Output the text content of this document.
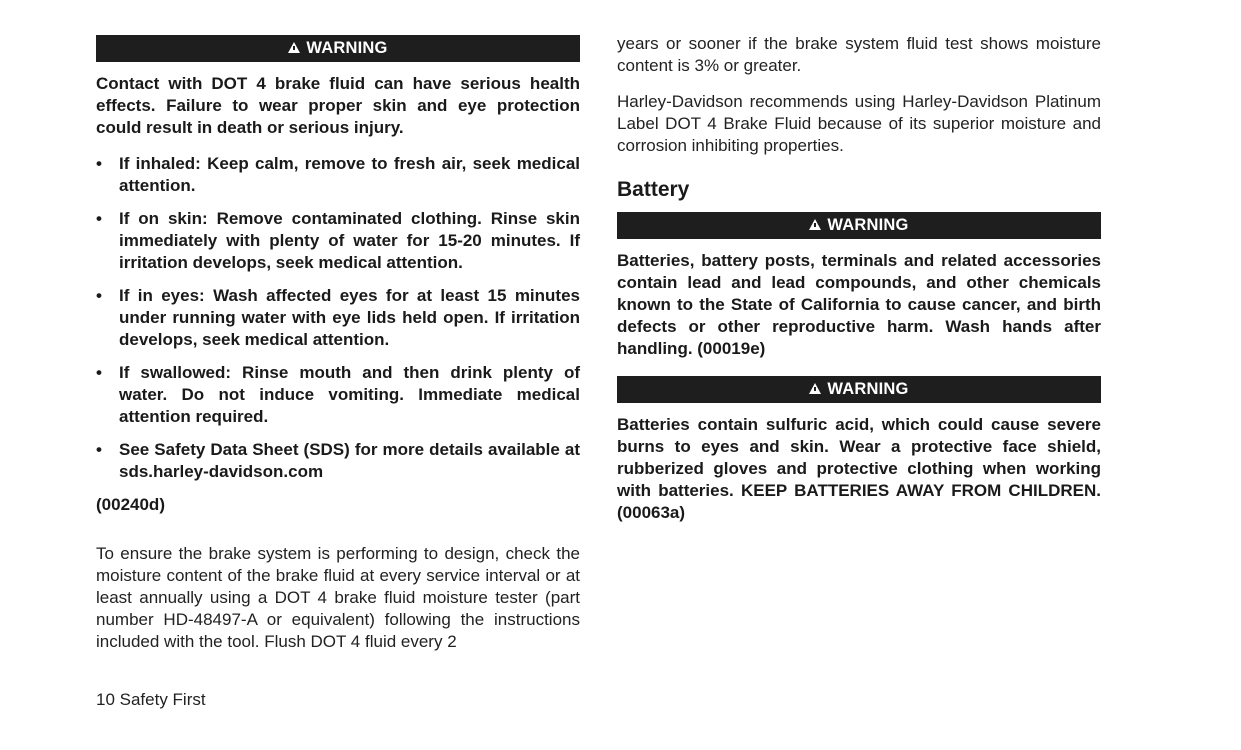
WARNING

Contact with DOT 4 brake fluid can have serious health effects. Failure to wear proper skin and eye protection could result in death or serious injury.

• If inhaled: Keep calm, remove to fresh air, seek medical attention.
• If on skin: Remove contaminated clothing. Rinse skin immediately with plenty of water for 15-20 minutes. If irritation develops, seek medical attention.
• If in eyes: Wash affected eyes for at least 15 minutes under running water with eye lids held open. If irritation develops, seek medical attention.
• If swallowed: Rinse mouth and then drink plenty of water. Do not induce vomiting. Immediate medical attention required.
• See Safety Data Sheet (SDS) for more details available at sds.harley-davidson.com

(00240d)

To ensure the brake system is performing to design, check the moisture content of the brake fluid at every service interval or at least annually using a DOT 4 brake fluid moisture tester (part number HD-48497-A or equivalent) following the instructions included with the tool. Flush DOT 4 fluid every 2

years or sooner if the brake system fluid test shows moisture content is 3% or greater.

Harley-Davidson recommends using Harley-Davidson Platinum Label DOT 4 Brake Fluid because of its superior moisture and corrosion inhibiting properties.

Battery
WARNING

Batteries, battery posts, terminals and related accessories contain lead and lead compounds, and other chemicals known to the State of California to cause cancer, and birth defects or other reproductive harm. Wash hands after handling. (00019e)

WARNING

Batteries contain sulfuric acid, which could cause severe burns to eyes and skin. Wear a protective face shield, rubberized gloves and protective clothing when working with batteries. KEEP BATTERIES AWAY FROM CHILDREN. (00063a)

10 Safety First
